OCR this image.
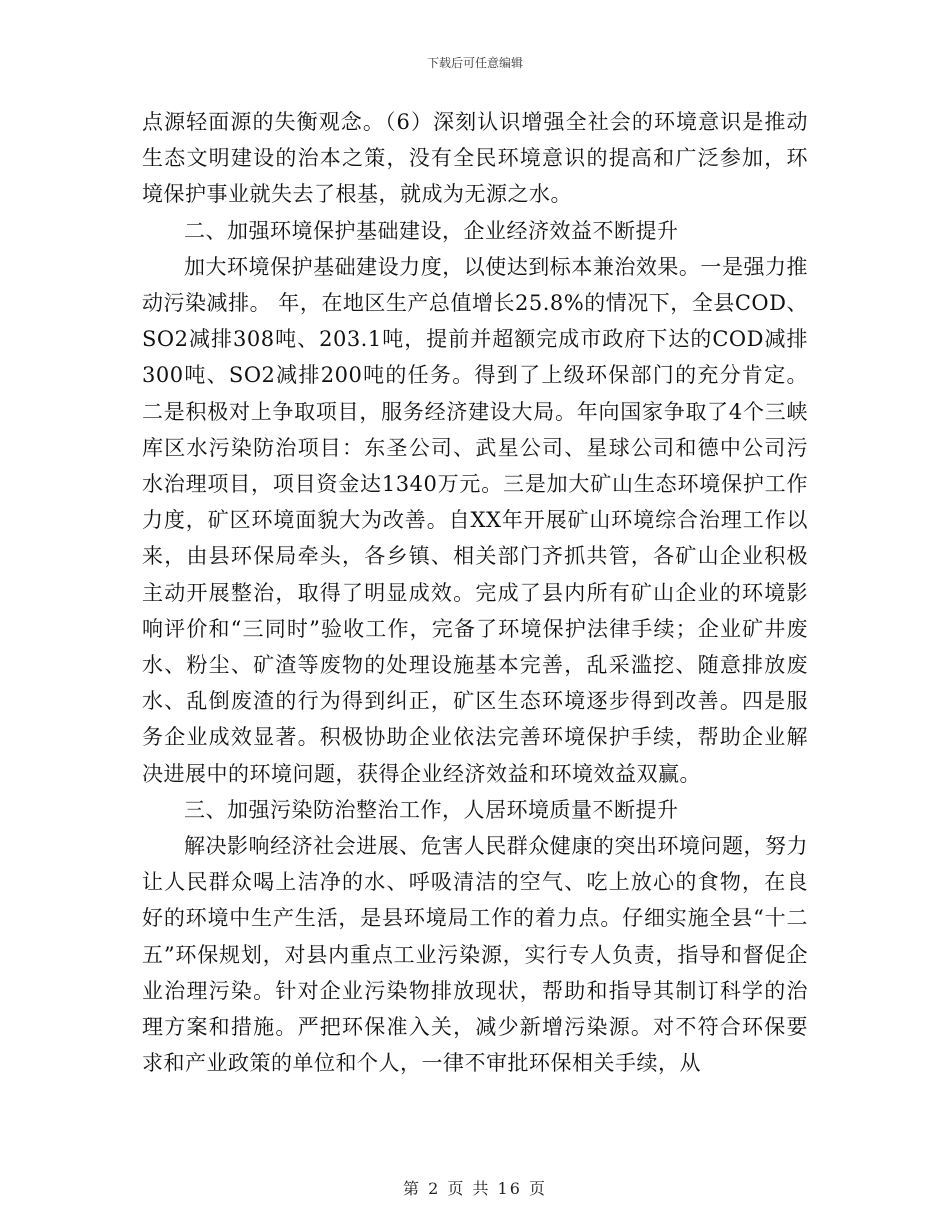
下载后可任意编辑

点源轻面源的失衡观念。（6）深刻认识增强全社会的环境意识是推动生态文明建设的治本之策，没有全民环境意识的提高和广泛参加，环境保护事业就失去了根基，就成为无源之水。

二、加强环境保护基础建设，企业经济效益不断提升

加大环境保护基础建设力度，以使达到标本兼治效果。一是强力推动污染减排。 年，在地区生产总值增长25.8%的情况下，全县COD、SO2减排308吨、203.1吨，提前并超额完成市政府下达的COD减排300吨、SO2减排200吨的任务。得到了上级环保部门的充分肯定。二是积极对上争取项目，服务经济建设大局。年向国家争取了4个三峡库区水污染防治项目：东圣公司、武星公司、星球公司和德中公司污水治理项目，项目资金达1340万元。三是加大矿山生态环境保护工作力度，矿区环境面貌大为改善。自XX年开展矿山环境综合治理工作以来，由县环保局牵头，各乡镇、相关部门齐抓共管，各矿山企业积极主动开展整治，取得了明显成效。完成了县内所有矿山企业的环境影响评价和“三同时”验收工作，完备了环境保护法律手续；企业矿井废水、粉尘、矿渣等废物的处理设施基本完善，乱采滥挖、随意排放废水、乱倒废渣的行为得到纠正，矿区生态环境逐步得到改善。四是服务企业成效显著。积极协助企业依法完善环境保护手续，帮助企业解决进展中的环境问题，获得企业经济效益和环境效益双赢。

三、加强污染防治整治工作，人居环境质量不断提升

解决影响经济社会进展、危害人民群众健康的突出环境问题，努力让人民群众喝上洁净的水、呼吸清洁的空气、吃上放心的食物，在良好的环境中生产生活，是县环境局工作的着力点。仔细实施全县“十二五”环保规划，对县内重点工业污染源，实行专人负责，指导和督促企业治理污染。针对企业污染物排放现状，帮助和指导其制订科学的治理方案和措施。严把环保准入关，减少新增污染源。对不符合环保要求和产业政策的单位和个人，一律不审批环保相关手续，从

第 2 页 共 16 页
